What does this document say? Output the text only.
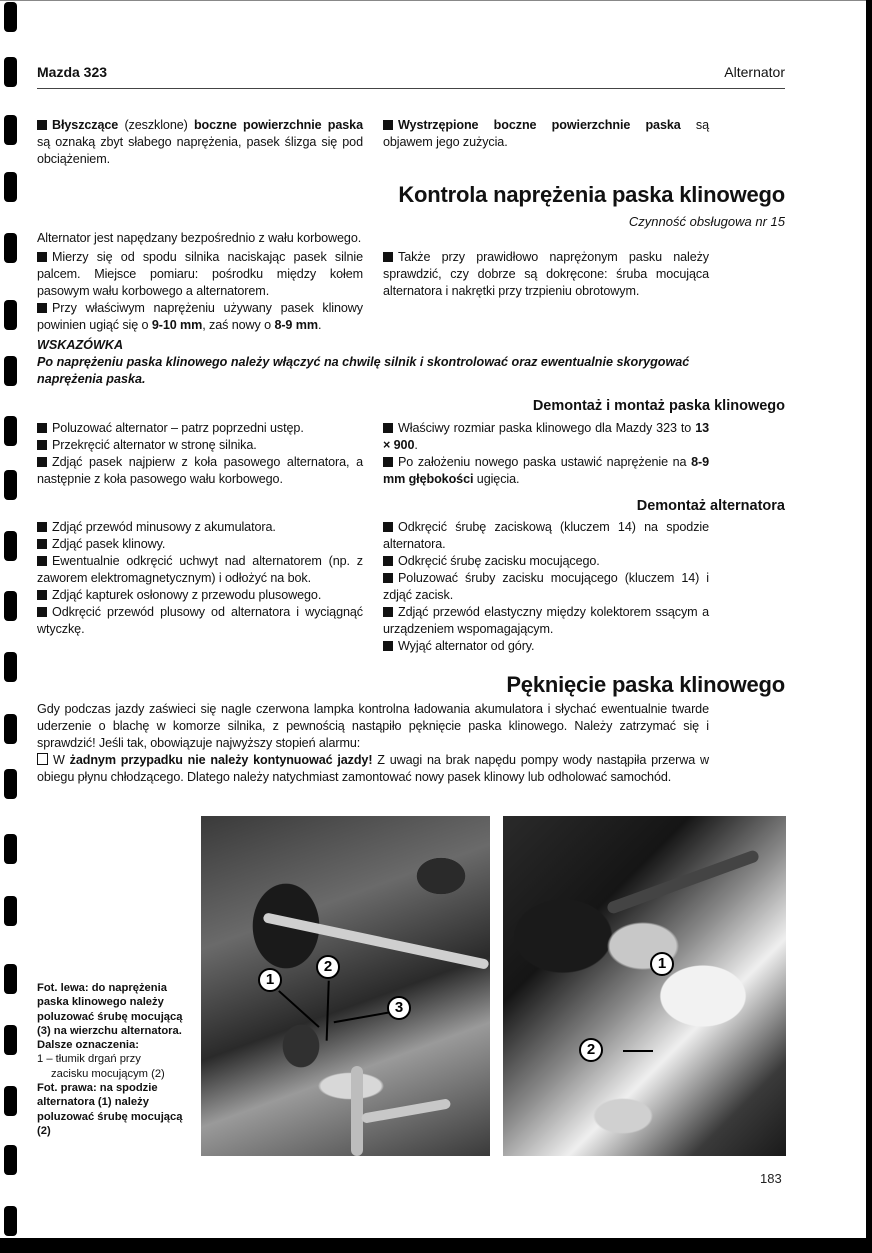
Mazda 323	Alternator

Błyszczące (zeszklone) boczne powierzchnie paska są oznaką zbyt słabego naprężenia, pasek ślizga się pod obciążeniem.

Wystrzępione boczne powierzchnie paska są objawem jego zużycia.

Kontrola naprężenia paska klinowego
Czynność obsługowa nr 15

Alternator jest napędzany bezpośrednio z wału korbowego.

Mierzy się od spodu silnika naciskając pasek silnie palcem. Miejsce pomiaru: pośrodku między kołem pasowym wału korbowego a alternatorem.

Przy właściwym naprężeniu używany pasek klinowy powinien ugiąć się o 9-10 mm, zaś nowy o 8-9 mm.

Także przy prawidłowo naprężonym pasku należy sprawdzić, czy dobrze są dokręcone: śruba mocująca alternatora i nakrętki przy trzpieniu obrotowym.

WSKAZÓWKA
Po naprężeniu paska klinowego należy włączyć na chwilę silnik i skontrolować oraz ewentualnie skorygować naprężenia paska.
Demontaż i montaż paska klinowego

Poluzować alternator – patrz poprzedni ustęp.

Przekręcić alternator w stronę silnika.

Zdjąć pasek najpierw z koła pasowego alternatora, a następnie z koła pasowego wału korbowego.

Właściwy rozmiar paska klinowego dla Mazdy 323 to 13 × 900.

Po założeniu nowego paska ustawić naprężenie na 8-9 mm głębokości ugięcia.

Demontaż alternatora

Zdjąć przewód minusowy z akumulatora.

Zdjąć pasek klinowy.

Ewentualnie odkręcić uchwyt nad alternatorem (np. z zaworem elektromagnetycznym) i odłożyć na bok.

Zdjąć kapturek osłonowy z przewodu plusowego.

Odkręcić przewód plusowy od alternatora i wyciągnąć wtyczkę.

Odkręcić śrubę zaciskową (kluczem 14) na spodzie alternatora.

Odkręcić śrubę zacisku mocującego.

Poluzować śruby zacisku mocującego (kluczem 14) i zdjąć zacisk.

Zdjąć przewód elastyczny między kolektorem ssącym a urządzeniem wspomagającym.

Wyjąć alternator od góry.

Pęknięcie paska klinowego

Gdy podczas jazdy zaświeci się nagle czerwona lampka kontrolna ładowania akumulatora i słychać ewentualnie twarde uderzenie o blachę w komorze silnika, z pewnością nastąpiło pęknięcie paska klinowego. Należy zatrzymać się i sprawdzić! Jeśli tak, obowiązuje najwyższy stopień alarmu:

W żadnym przypadku nie należy kontynuować jazdy! Z uwagi na brak napędu pompy wody nastąpiła przerwa w obiegu płynu chłodzącego. Dlatego należy natychmiast zamontować nowy pasek klinowy lub odholować samochód.

Fot. lewa: do naprężenia paska klinowego należy poluzować śrubę mocującą (3) na wierzchu alternatora.
Dalsze oznaczenia:
1 – tłumik drgań przy
zacisku mocującym (2)
Fot. prawa: na spodzie alternatora (1) należy poluzować śrubę mocującą (2)
1
2
3
1
2
183
